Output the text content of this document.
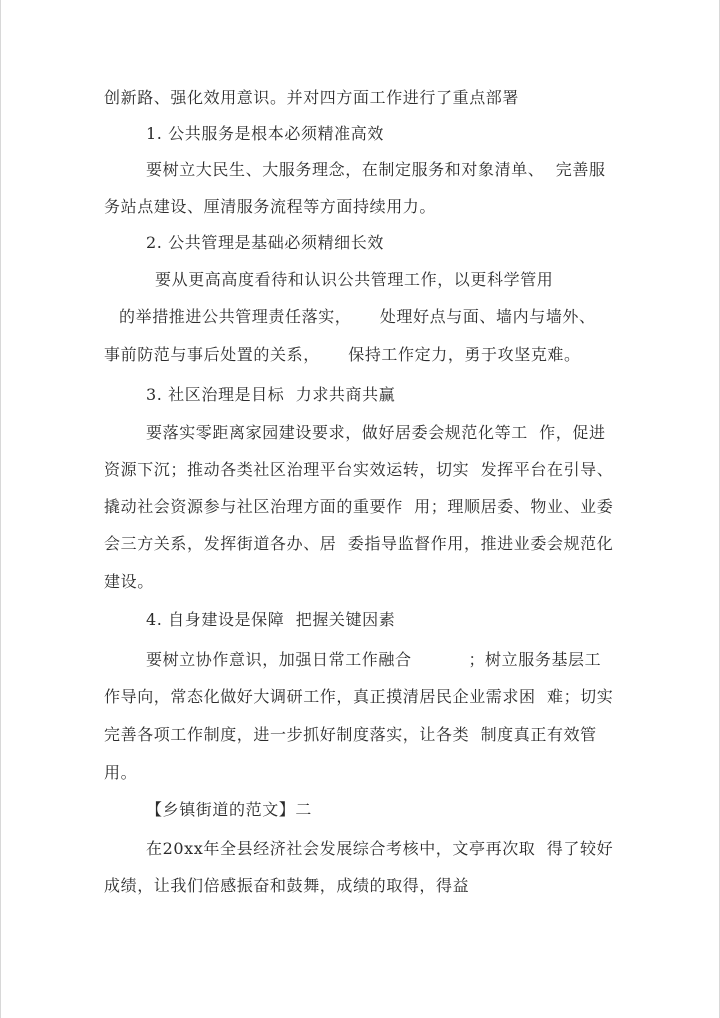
创新路、强化效用意识。并对四方面工作进行了重点部署
1. 公共服务是根本必须精准高效
要树立大民生、大服务理念，在制定服务和对象清单、  完善服
务站点建设、厘清服务流程等方面持续用力。
2. 公共管理是基础必须精细长效
要从更高高度看待和认识公共管理工作，以更科学管用
的举措推进公共管理责任落实，     处理好点与面、墙内与墙外、
事前防范与事后处置的关系，     保持工作定力，勇于攻坚克难。
3. 社区治理是目标  力求共商共赢
要落实零距离家园建设要求，做好居委会规范化等工  作，促进
资源下沉；推动各类社区治理平台实效运转，切实  发挥平台在引导、
撬动社会资源参与社区治理方面的重要作  用；理顺居委、物业、业委
会三方关系，发挥街道各办、居  委指导监督作用，推进业委会规范化
建设。
4. 自身建设是保障  把握关键因素
要树立协作意识，加强日常工作融合          ；树立服务基层工
作导向，常态化做好大调研工作，真正摸清居民企业需求困  难；切实
完善各项工作制度，进一步抓好制度落实，让各类  制度真正有效管
用。
【乡镇街道的范文】二
在20xx年全县经济社会发展综合考核中，文亭再次取  得了较好
成绩，让我们倍感振奋和鼓舞，成绩的取得，得益
